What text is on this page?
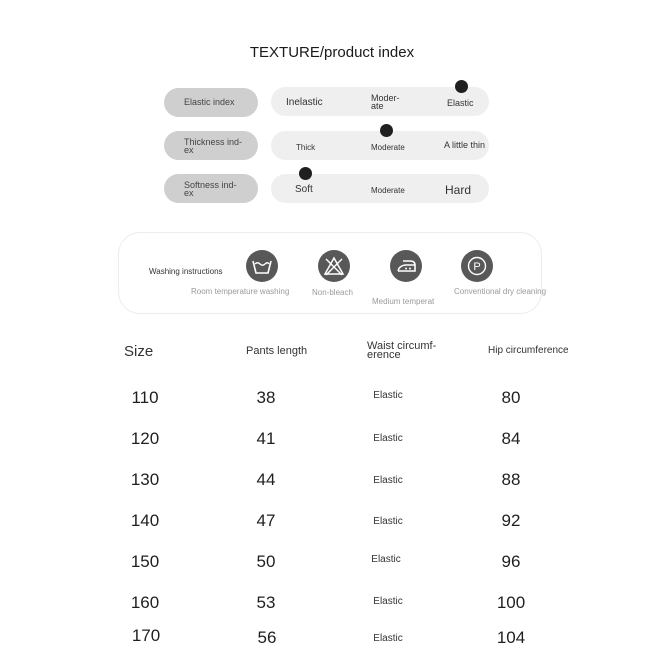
TEXTURE/product index
Elastic index	Inelastic	Moder-
ate	Elastic
Thickness ind-
ex	Thick	Moderate	A little thin
Softness ind-
ex	Soft	Moderate	Hard
Washing instructions
Room temperature washing	Non-bleach
Medium temperat
P
Conventional dry cleaning
Size	Pants length	Waist circumf-
erence	Hip circumference
110	38	Elastic	80
120	41	Elastic	84
130	44	Elastic	88
140	47	Elastic	92
150	50	Elastic	96
160	53	Elastic	100
170	56	Elastic	104
